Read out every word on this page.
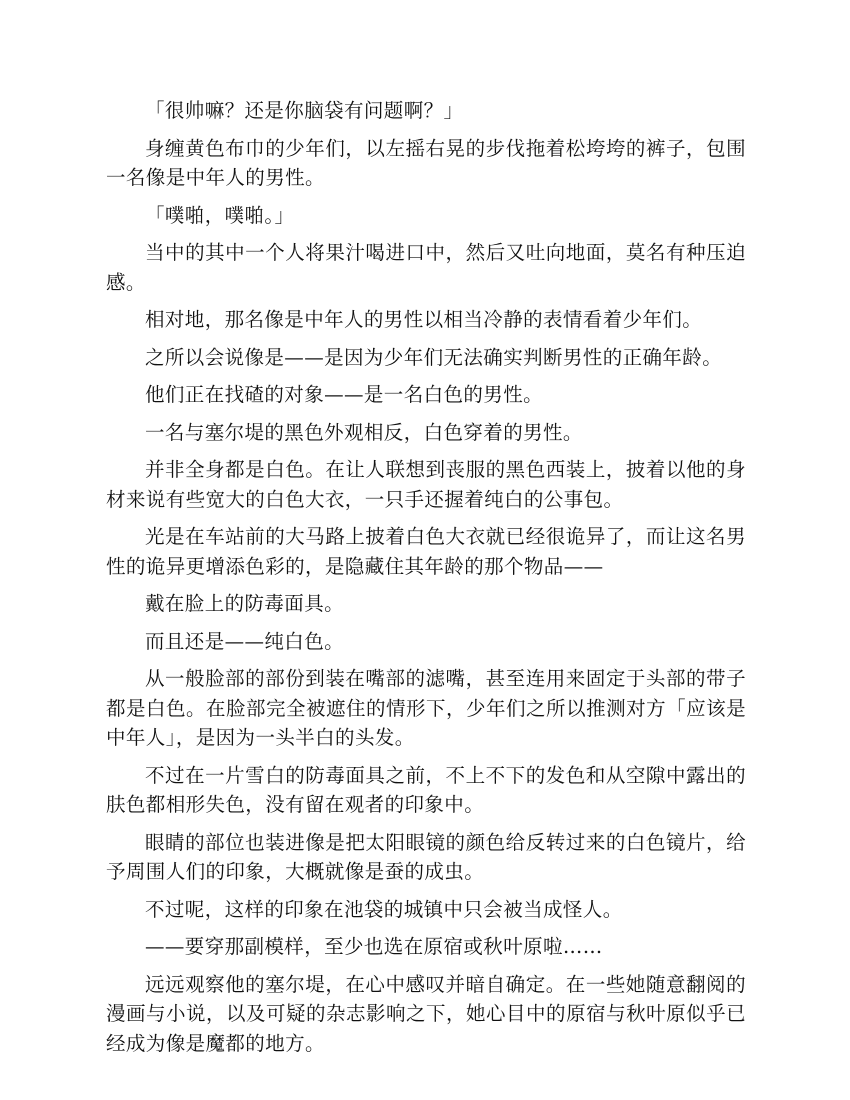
「很帅嘛？还是你脑袋有问题啊？」

身缠黄色布巾的少年们，以左摇右晃的步伐拖着松垮垮的裤子，包围一名像是中年人的男性。

「噗啪，噗啪。」

当中的其中一个人将果汁喝进口中，然后又吐向地面，莫名有种压迫感。

相对地，那名像是中年人的男性以相当冷静的表情看着少年们。

之所以会说像是——是因为少年们无法确实判断男性的正确年龄。

他们正在找碴的对象——是一名白色的男性。

一名与塞尔堤的黑色外观相反，白色穿着的男性。

并非全身都是白色。在让人联想到丧服的黑色西装上，披着以他的身材来说有些宽大的白色大衣，一只手还握着纯白的公事包。

光是在车站前的大马路上披着白色大衣就已经很诡异了，而让这名男性的诡异更增添色彩的，是隐藏住其年龄的那个物品——

戴在脸上的防毒面具。

而且还是——纯白色。

从一般脸部的部份到装在嘴部的滤嘴，甚至连用来固定于头部的带子都是白色。在脸部完全被遮住的情形下，少年们之所以推测对方「应该是中年人」，是因为一头半白的头发。

不过在一片雪白的防毒面具之前，不上不下的发色和从空隙中露出的肤色都相形失色，没有留在观者的印象中。

眼睛的部位也装进像是把太阳眼镜的颜色给反转过来的白色镜片，给予周围人们的印象，大概就像是蚕的成虫。

不过呢，这样的印象在池袋的城镇中只会被当成怪人。

——要穿那副模样，至少也选在原宿或秋叶原啦……

远远观察他的塞尔堤，在心中感叹并暗自确定。在一些她随意翻阅的漫画与小说，以及可疑的杂志影响之下，她心目中的原宿与秋叶原似乎已经成为像是魔都的地方。
